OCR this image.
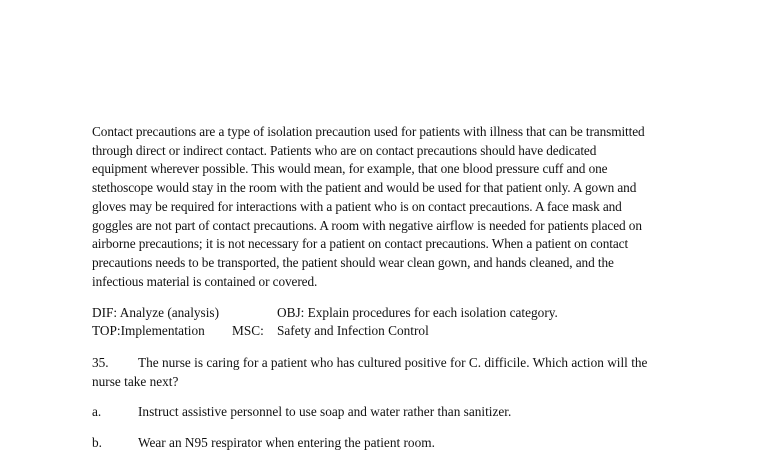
Contact precautions are a type of isolation precaution used for patients with illness that can be transmitted
through direct or indirect contact. Patients who are on contact precautions should have dedicated
equipment wherever possible. This would mean, for example, that one blood pressure cuff and one
stethoscope would stay in the room with the patient and would be used for that patient only. A gown and
gloves may be required for interactions with a patient who is on contact precautions. A face mask and
goggles are not part of contact precautions. A room with negative airflow is needed for patients placed on
airborne precautions; it is not necessary for a patient on contact precautions. When a patient on contact
precautions needs to be transported, the patient should wear clean gown, and hands cleaned, and the
infectious material is contained or covered.
DIF: Analyze (analysis)	OBJ: Explain procedures for each isolation category.
TOP:Implementation MSC: Safety and Infection Control
35. The nurse is caring for a patient who has cultured positive for C. difficile. Which action will the
nurse take next?
a.	Instruct assistive personnel to use soap and water rather than sanitizer.
b.	Wear an N95 respirator when entering the patient room.
